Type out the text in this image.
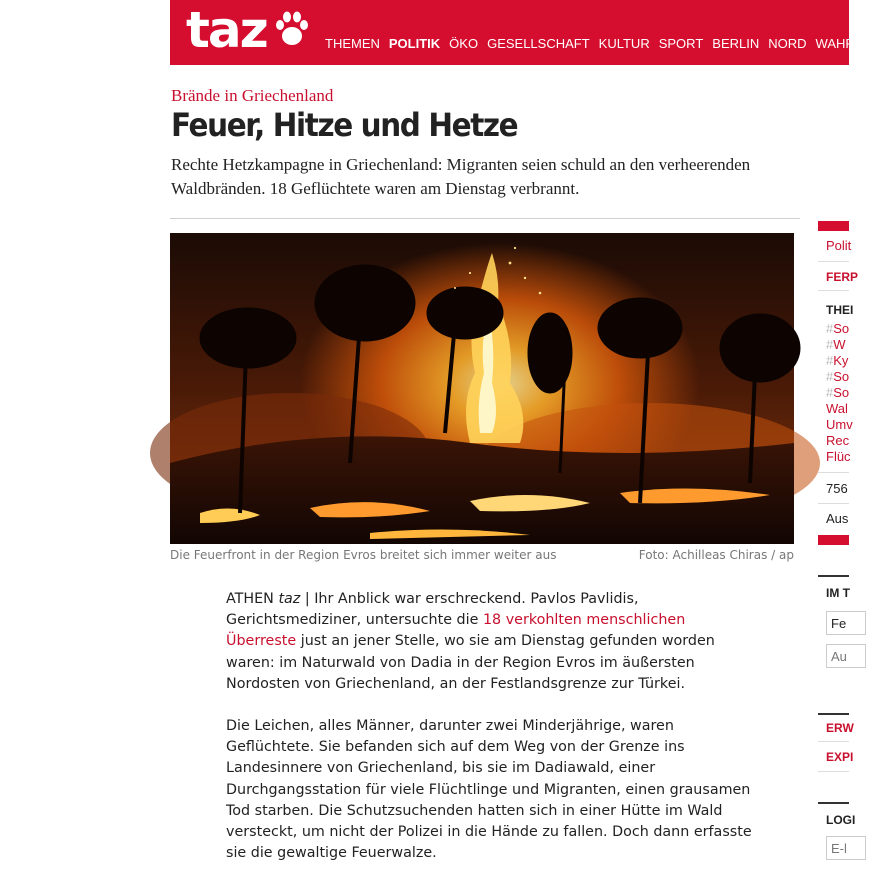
taz	THEMEN POLITIK ÖKO GESELLSCHAFT KULTUR SPORT BERLIN NORD WAHRHEIT
Brände in Griechenland
Feuer, Hitze und Hetze

Rechte Hetzkampagne in Griechenland: Migranten seien schuld an den verheerenden Waldbränden. 18 Geflüchtete waren am Dienstag verbrannt.

Die Feuerfront in der Region Evros breitet sich immer weiter aus	Foto: Achilleas Chiras / ap

ATHEN taz | Ihr Anblick war erschreckend. Pavlos Pavlidis, Gerichtsmediziner, untersuchte die 18 verkohlten menschlichen Überreste just an jener Stelle, wo sie am Dienstag gefunden worden waren: im Naturwald von Dadia in der Region Evros im äußersten Nordosten von Griechenland, an der Festlandsgrenze zur Türkei.

Die Leichen, alles Männer, darunter zwei Minderjährige, waren Geflüchtete. Sie befanden sich auf dem Weg von der Grenze ins Landesinnere von Griechenland, bis sie im Dadiawald, einer Durchgangsstation für viele Flüchtlinge und Migranten, einen grausamen Tod starben. Die Schutzsuchenden hatten sich in einer Hütte im Wald versteckt, um nicht der Polizei in die Hände zu fallen. Doch dann erfasste sie die gewaltige Feuerwalze.

Polit
FERP
THEI
#So
#W
#Ky
#So
#So
Wal
Umv
Rec
Flüc
756
Aus
IM T
Fe
Au
ERW
EXPI
LOGI
E-l
